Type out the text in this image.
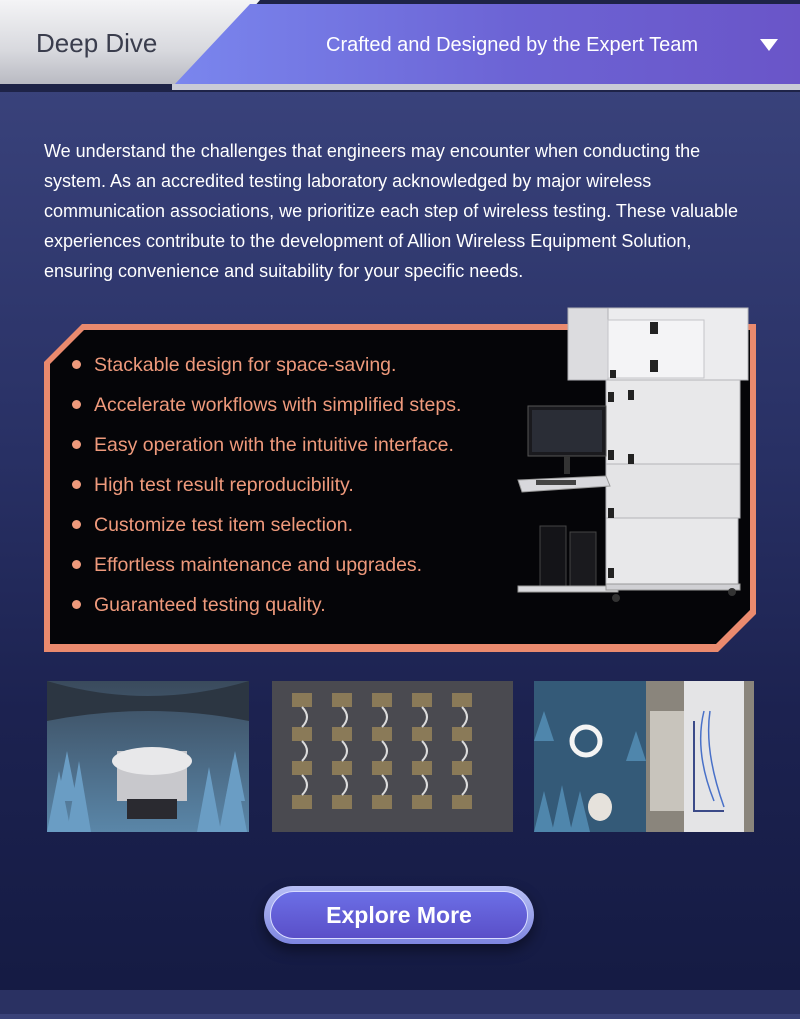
Deep Dive	Crafted and Designed by the Expert Team

We understand the challenges that engineers may encounter when conducting the system. As an accredited testing laboratory acknowledged by major wireless communication associations, we prioritize each step of wireless testing. These valuable experiences contribute to the development of Allion Wireless Equipment Solution, ensuring convenience and suitability for your specific needs.

Stackable design for space-saving.
Accelerate workflows with simplified steps.
Easy operation with the intuitive interface.
High test result reproducibility.
Customize test item selection.
Effortless maintenance and upgrades.
Guaranteed testing quality.
Explore More
